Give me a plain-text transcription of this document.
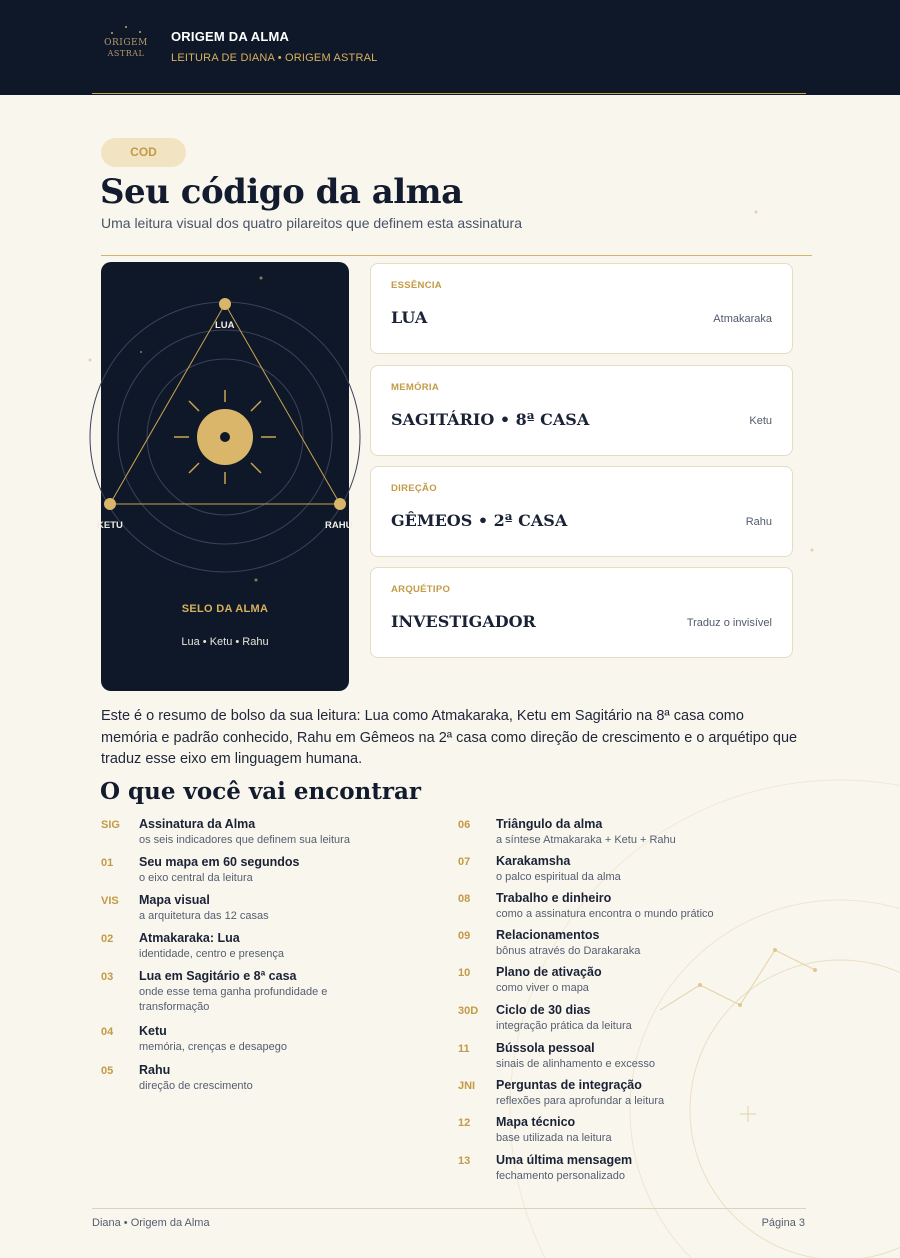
ORIGEM
ASTRAL
ORIGEM DA ALMA
LEITURA DE DIANA • ORIGEM ASTRAL
COD
Seu código da alma
Uma leitura visual dos quatro pilareitos que definem esta assinatura
LUA
KETU	RAHU
SELO DA ALMA
Lua • Ketu • Rahu
ESSÊNCIA
LUA	Atmakaraka
MEMÓRIA
SAGITÁRIO • 8ª CASA	Ketu
DIREÇÃO
GÊMEOS • 2ª CASA	Rahu
ARQUÉTIPO
INVESTIGADOR	Traduz o invisível
Este é o resumo de bolso da sua leitura: Lua como Atmakaraka, Ketu em Sagitário na 8ª casa como memória e padrão conhecido, Rahu em Gêmeos na 2ª casa como direção de crescimento e o arquétipo que traduz esse eixo em linguagem humana.
O que você vai encontrar
SIG	Assinatura da Alma
os seis indicadores que definem sua leitura
01	Seu mapa em 60 segundos
o eixo central da leitura
VIS	Mapa visual
a arquitetura das 12 casas
02	Atmakaraka: Lua
identidade, centro e presença
03	Lua em Sagitário e 8ª casa
onde esse tema ganha profundidade e transformação
04	Ketu
memória, crenças e desapego
05	Rahu
direção de crescimento
06	Triângulo da alma
a síntese Atmakaraka + Ketu + Rahu
07	Karakamsha
o palco espiritual da alma
08	Trabalho e dinheiro
como a assinatura encontra o mundo prático
09	Relacionamentos
bônus através do Darakaraka
10	Plano de ativação
como viver o mapa
30D	Ciclo de 30 dias
integração prática da leitura
11	Bússola pessoal
sinais de alinhamento e excesso
JNI	Perguntas de integração
reflexões para aprofundar a leitura
12	Mapa técnico
base utilizada na leitura
13	Uma última mensagem
fechamento personalizado
Diana • Origem da Alma	Página 3
